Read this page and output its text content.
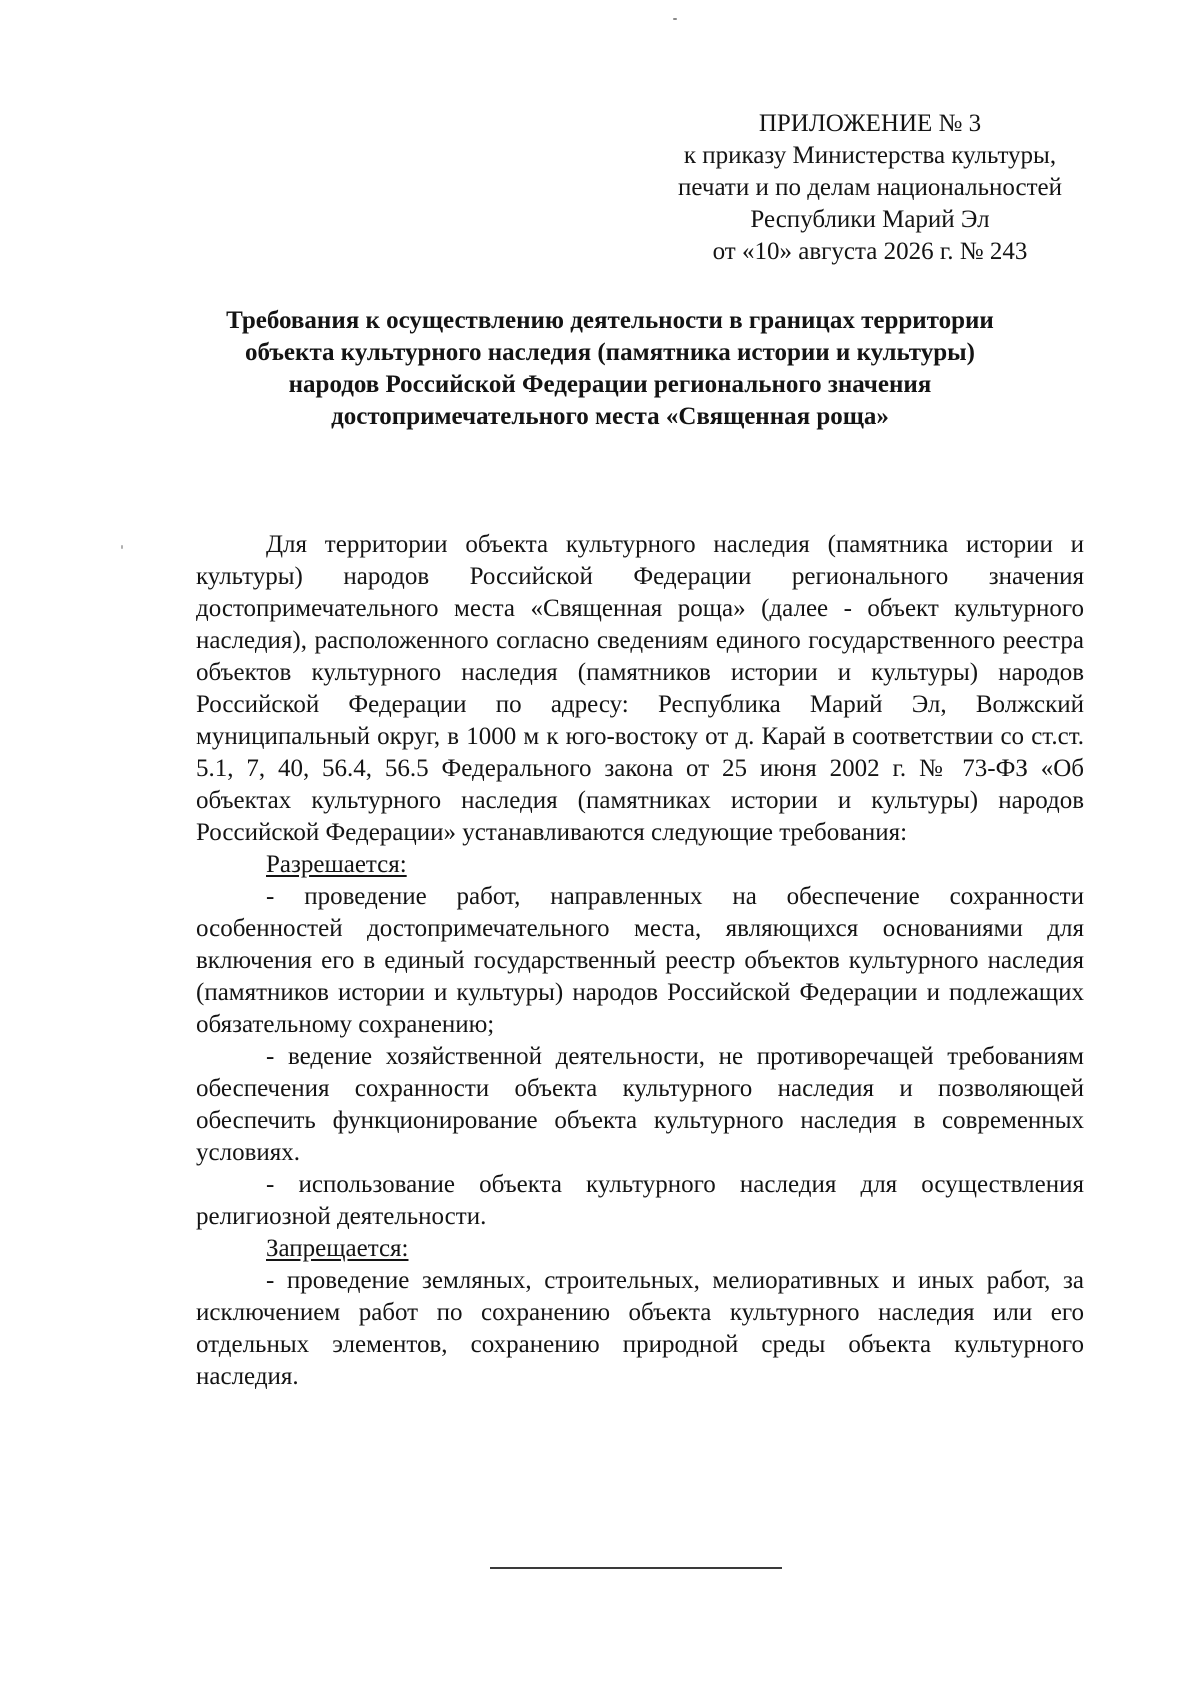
ПРИЛОЖЕНИЕ № 3
к приказу Министерства культуры,
печати и по делам национальностей
Республики Марий Эл
от «10» августа 2026 г. № 243
Требования к осуществлению деятельности в границах территории
объекта культурного наследия (памятника истории и культуры)
народов Российской Федерации регионального значения
достопримечательного места «Священная роща»

Для территории объекта культурного наследия (памятника истории и культуры) народов Российской Федерации регионального значения достопримечательного места «Священная роща» (далее - объект культурного наследия), расположенного согласно сведениям единого государственного реестра объектов культурного наследия (памятников истории и культуры) народов Российской Федерации по адресу: Республика Марий Эл, Волжский муниципальный округ, в 1000 м к юго-востоку от д. Карай в соответствии со ст.ст. 5.1, 7, 40, 56.4, 56.5 Федерального закона от 25 июня 2002 г. № 73-ФЗ «Об объектах культурного наследия (памятниках истории и культуры) народов Российской Федерации» устанавливаются следующие требования:

Разрешается:

- проведение работ, направленных на обеспечение сохранности особенностей достопримечательного места, являющихся основаниями для включения его в единый государственный реестр объектов культурного наследия (памятников истории и культуры) народов Российской Федерации и подлежащих обязательному сохранению;

- ведение хозяйственной деятельности, не противоречащей требованиям обеспечения сохранности объекта культурного наследия и позволяющей обеспечить функционирование объекта культурного наследия в современных условиях.

- использование объекта культурного наследия для осуществления религиозной деятельности.

Запрещается:

- проведение земляных, строительных, мелиоративных и иных работ, за исключением работ по сохранению объекта культурного наследия или его отдельных элементов, сохранению природной среды объекта культурного наследия.
